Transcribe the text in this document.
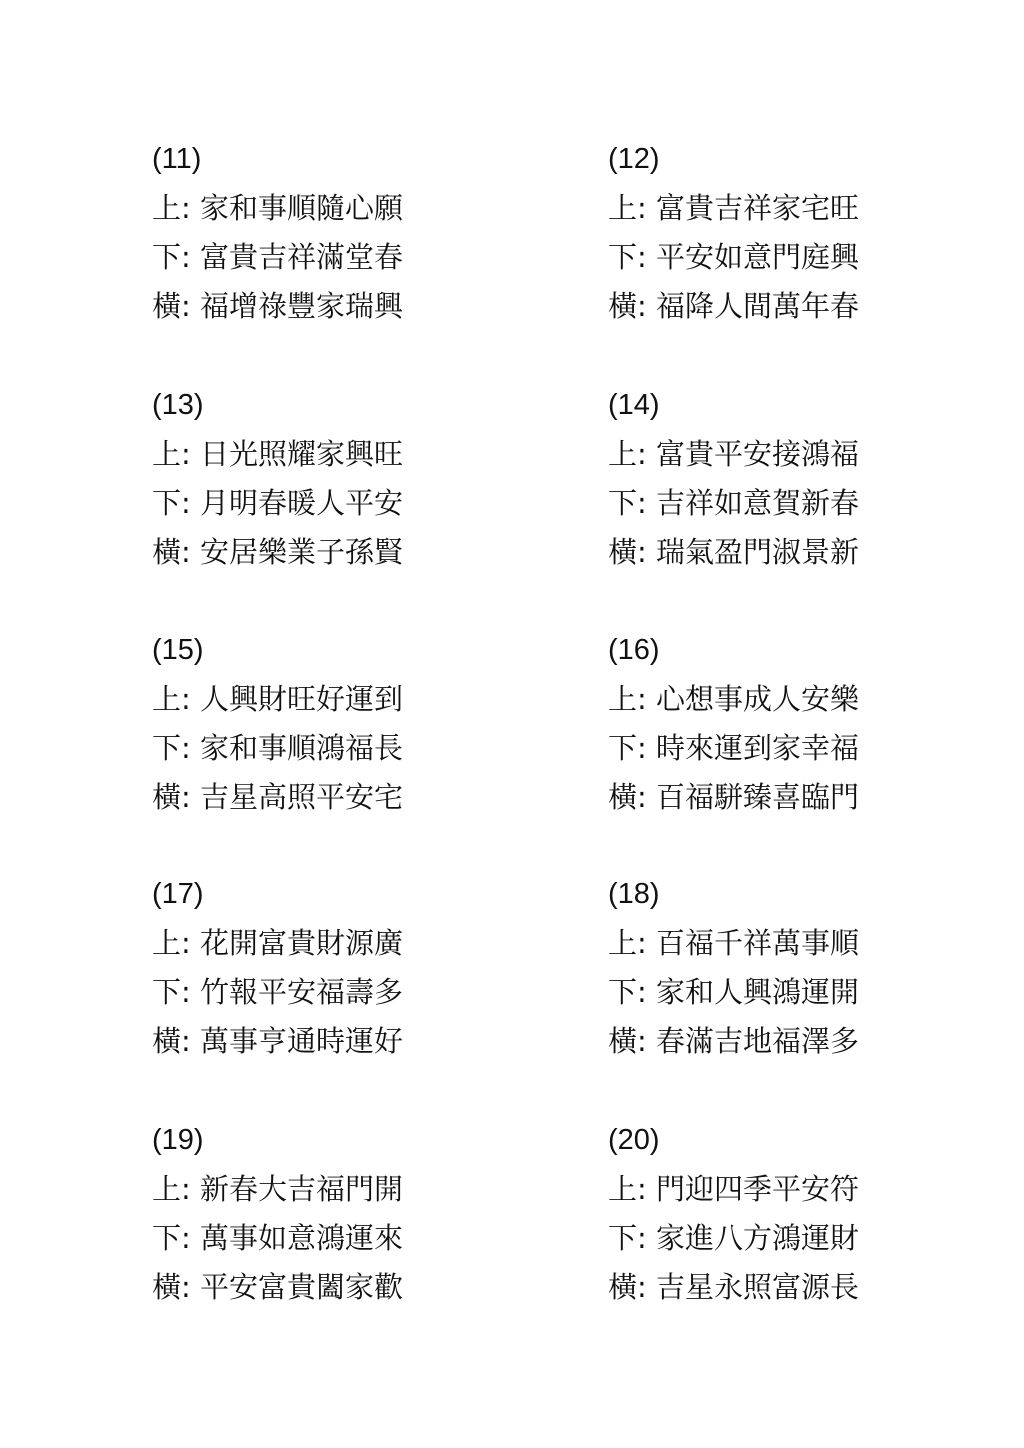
(11)
上: 家和事順隨心願
下: 富貴吉祥滿堂春
橫: 福增祿豐家瑞興
(12)
上: 富貴吉祥家宅旺
下: 平安如意門庭興
橫: 福降人間萬年春
(13)
上: 日光照耀家興旺
下: 月明春暖人平安
橫: 安居樂業子孫賢
(14)
上: 富貴平安接鴻福
下: 吉祥如意賀新春
橫: 瑞氣盈門淑景新
(15)
上: 人興財旺好運到
下: 家和事順鴻福長
橫: 吉星高照平安宅
(16)
上: 心想事成人安樂
下: 時來運到家幸福
橫: 百福駢臻喜臨門
(17)
上: 花開富貴財源廣
下: 竹報平安福壽多
橫: 萬事亨通時運好
(18)
上: 百福千祥萬事順
下: 家和人興鴻運開
橫: 春滿吉地福澤多
(19)
上: 新春大吉福門開
下: 萬事如意鴻運來
橫: 平安富貴闔家歡
(20)
上: 門迎四季平安符
下: 家進八方鴻運財
橫: 吉星永照富源長
